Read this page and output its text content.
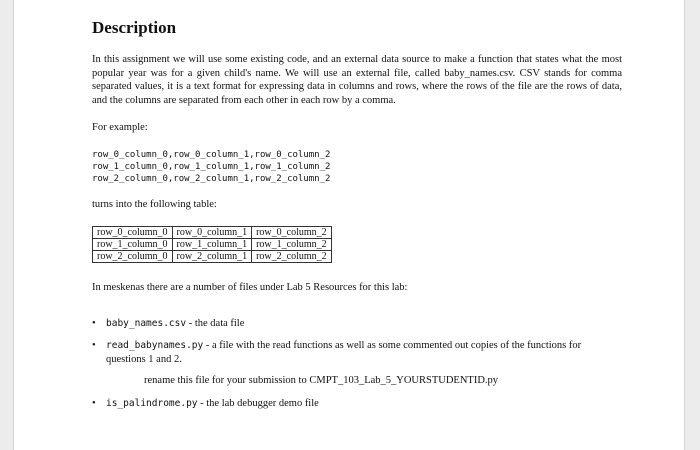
Description

In this assignment we will use some existing code, and an external data source to make a function that states what the most popular year was for a given child's name. We will use an external file, called baby_names.csv. CSV stands for comma separated values, it is a text format for expressing data in columns and rows, where the rows of the file are the rows of data, and the columns are separated from each other in each row by a comma.

For example:

row_0_column_0,row_0_column_1,row_0_column_2
row_1_column_0,row_1_column_1,row_1_column_2
row_2_column_0,row_2_column_1,row_2_column_2

turns into the following table:

row_0_column_0	row_0_column_1	row_0_column_2
row_1_column_0	row_1_column_1	row_1_column_2
row_2_column_0	row_2_column_1	row_2_column_2

In meskenas there are a number of files under Lab 5 Resources for this lab:

• baby_names.csv - the data file
• read_babynames.py - a file with the read functions as well as some commented out copies of the functions for questions 1 and 2.
rename this file for your submission to CMPT_103_Lab_5_YOURSTUDENTID.py
• is_palindrome.py - the lab debugger demo file
